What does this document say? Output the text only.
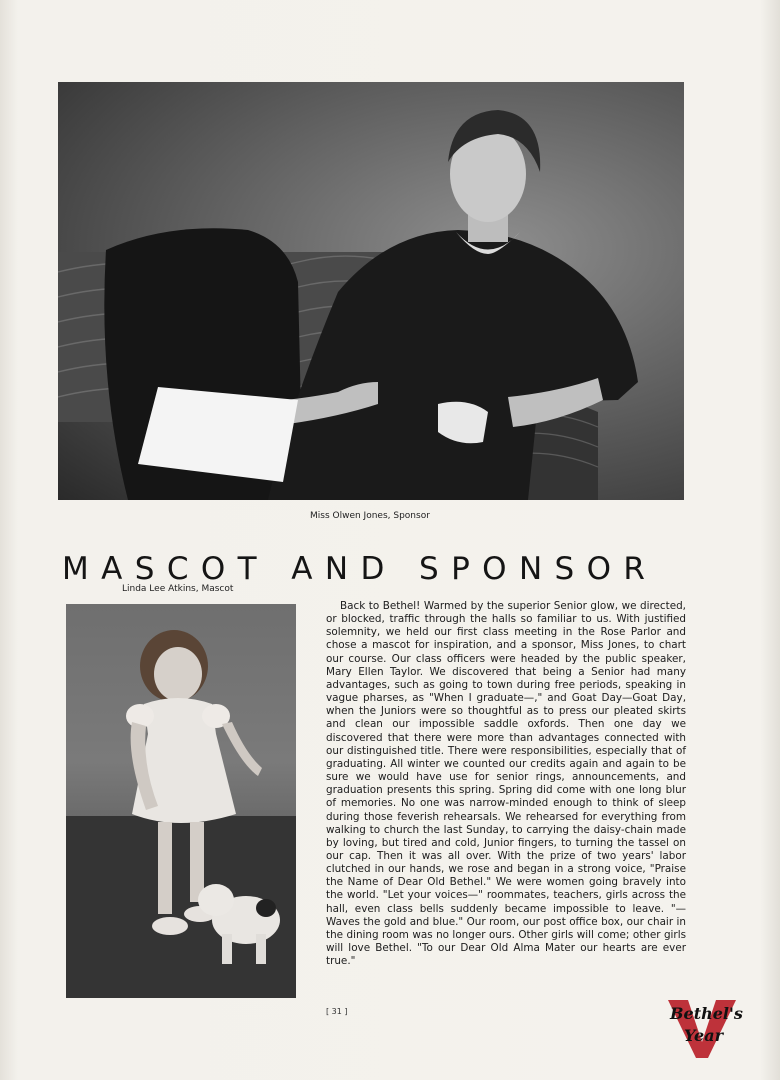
Miss Olwen Jones, Sponsor
MASCOT AND SPONSOR
Linda Lee Atkins, Mascot

Back to Bethel! Warmed by the superior Senior glow, we directed, or blocked, traffic through the halls so familiar to us. With justified solemnity, we held our first class meeting in the Rose Parlor and chose a mascot for inspiration, and a sponsor, Miss Jones, to chart our course. Our class officers were headed by the public speaker, Mary Ellen Taylor. We discovered that being a Senior had many advantages, such as going to town during free periods, speaking in vague pharses, as "When I graduate—," and Goat Day—Goat Day, when the Juniors were so thoughtful as to press our pleated skirts and clean our impossible saddle oxfords. Then one day we discovered that there were more than advantages connected with our distinguished title. There were responsibilities, especially that of graduating. All winter we counted our credits again and again to be sure we would have use for senior rings, announcements, and graduation presents this spring. Spring did come with one long blur of memories. No one was narrow-minded enough to think of sleep during those feverish rehearsals. We rehearsed for everything from walking to church the last Sunday, to carrying the daisy-chain made by loving, but tired and cold, Junior fingers, to turning the tassel on our cap. Then it was all over. With the prize of two years' labor clutched in our hands, we rose and began in a strong voice, "Praise the Name of Dear Old Bethel." We were women going bravely into the world. "Let your voices—" roommates, teachers, girls across the hall, even class bells suddenly became impossible to leave. "—Waves the gold and blue." Our room, our post office box, our chair in the dining room was no longer ours. Other girls will come; other girls will love Bethel. "To our Dear Old Alma Mater our hearts are ever true."

[ 31 ]	Bethel's
Year
